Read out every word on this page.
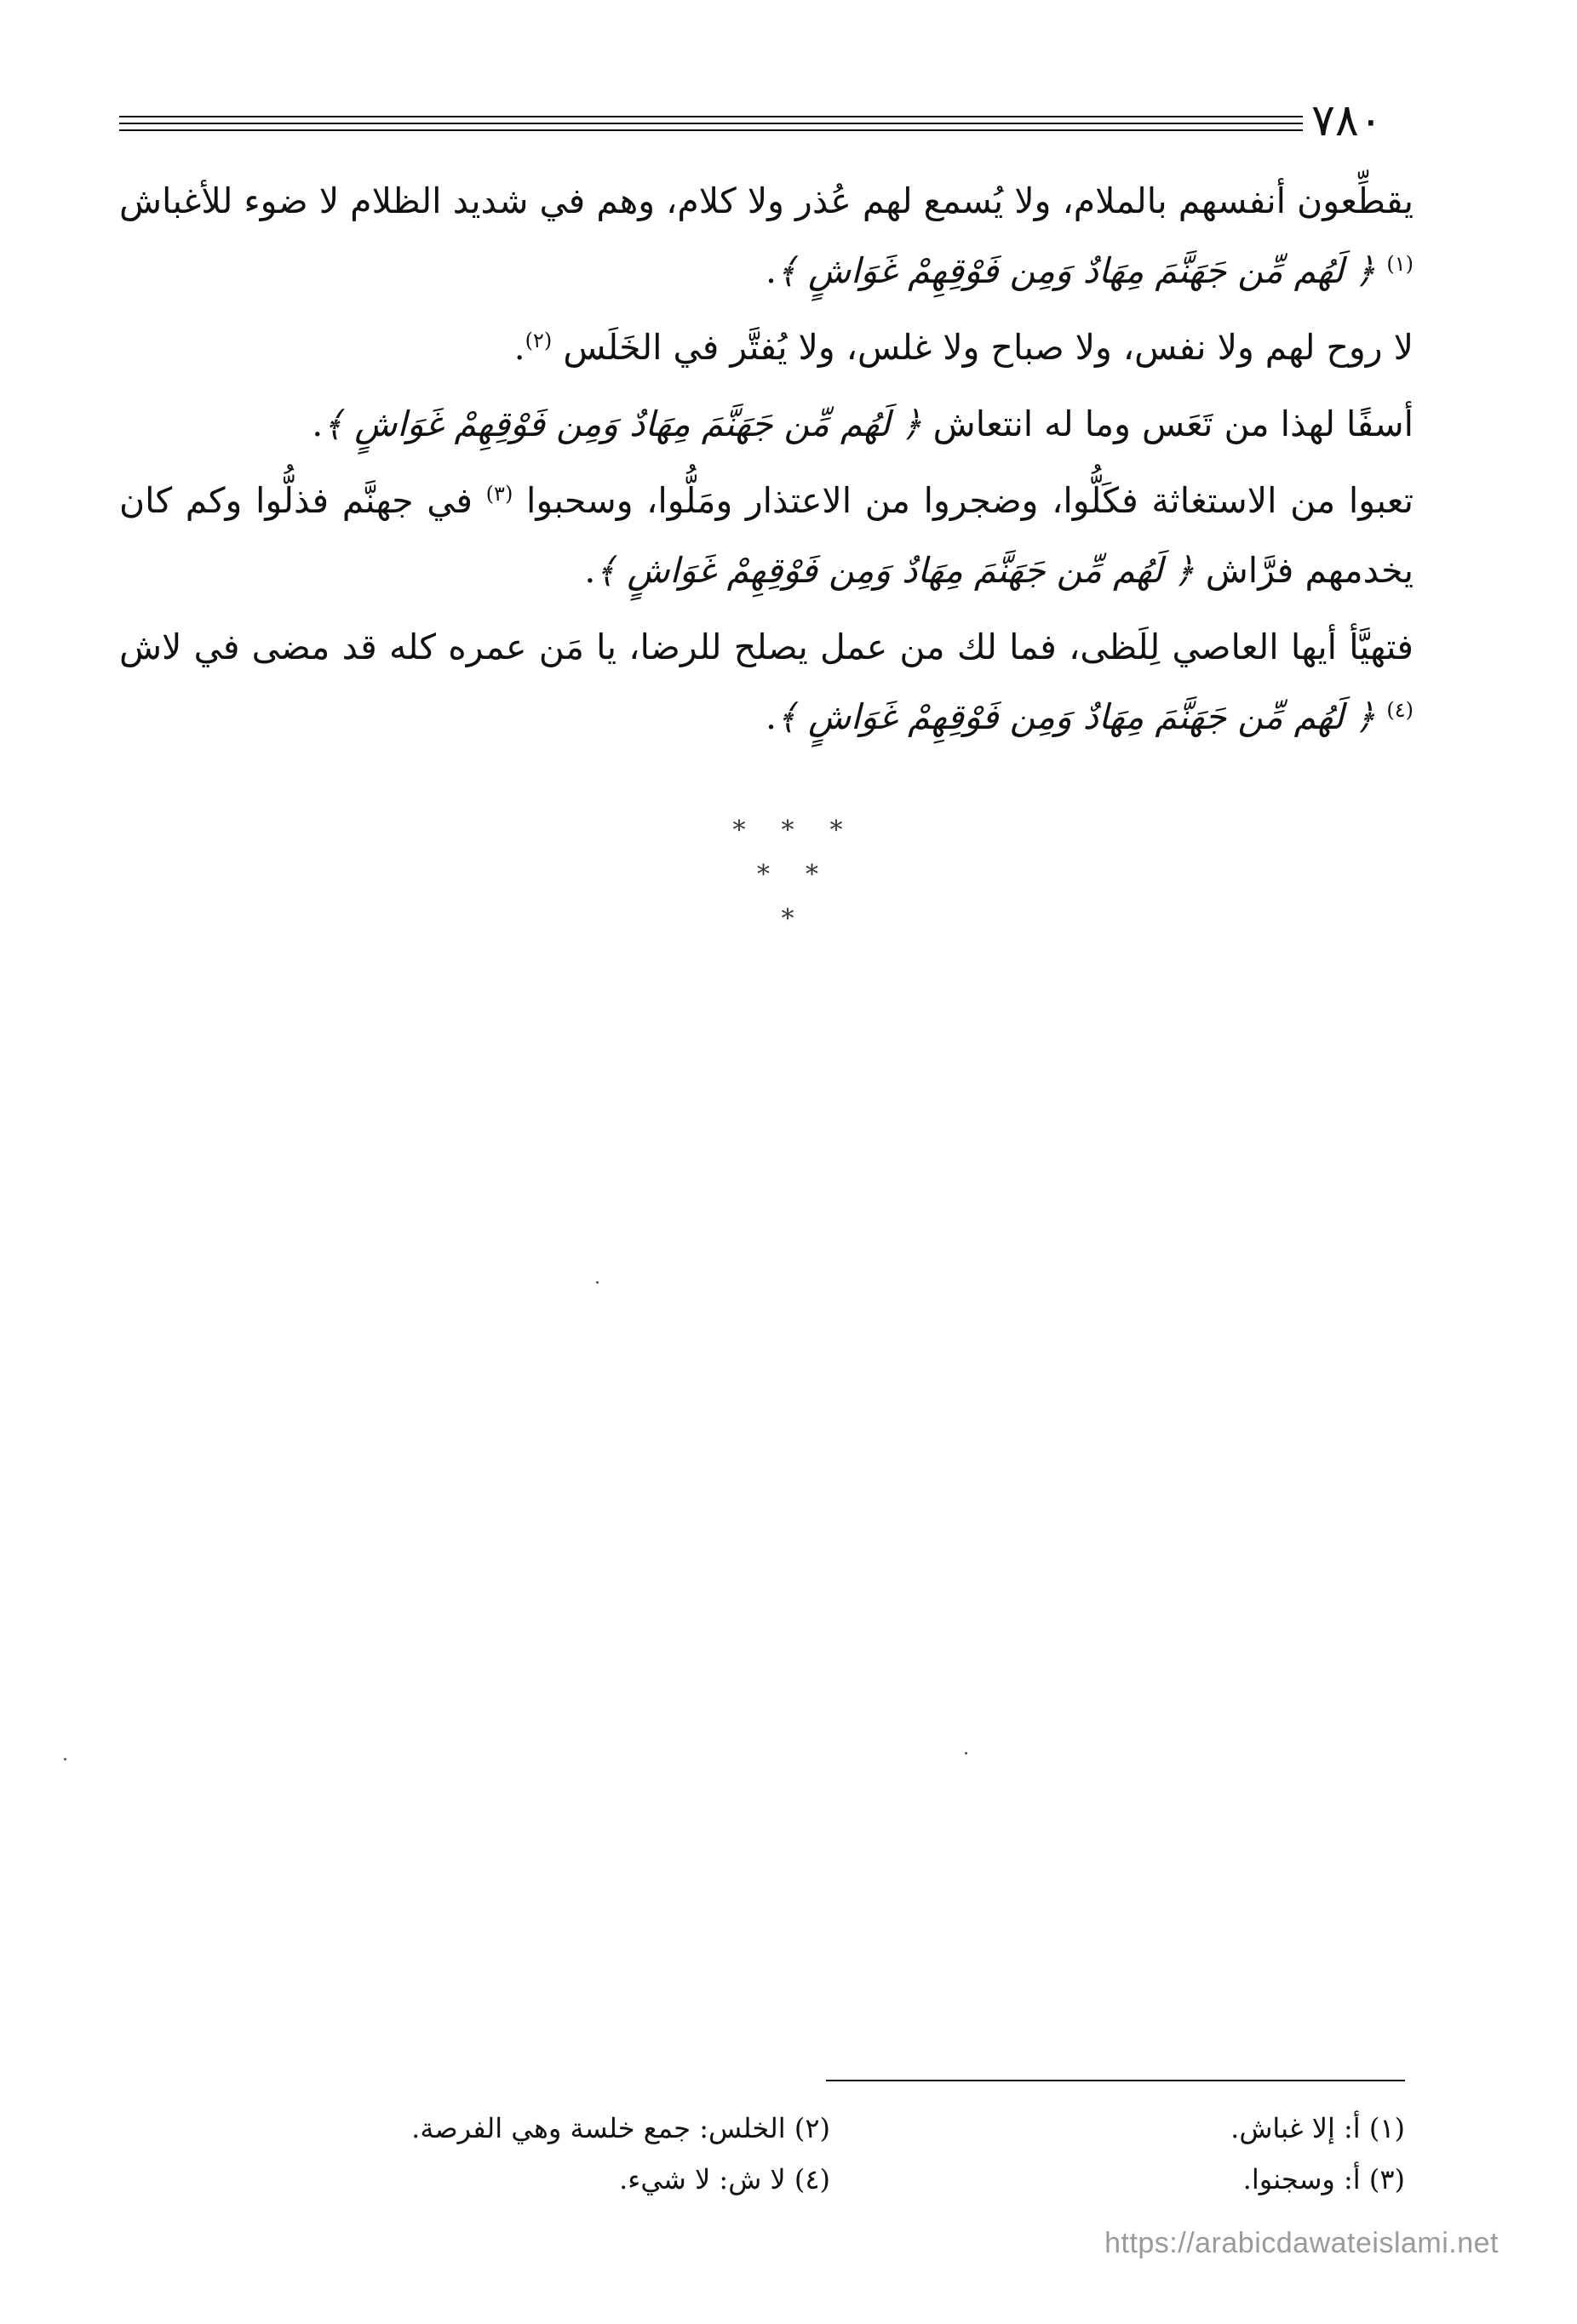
٧٨٠

يقطِّعون أنفسهم بالملام، ولا يُسمع لهم عُذر ولا كلام، وهم في شديد الظلام لا ضوء للأغباش $^{(١)}$ ﴿ لَهُم مِّن جَهَنَّمَ مِهَادٌ وَمِن فَوْقِهِمْ غَوَاشٍ ﴾.

لا روح لهم ولا نفس، ولا صباح ولا غلس، ولا يُفتَّر في الخَلَس $^{(٢)}$.

أسفًا لهذا من تَعَس وما له انتعاش ﴿ لَهُم مِّن جَهَنَّمَ مِهَادٌ وَمِن فَوْقِهِمْ غَوَاشٍ ﴾.

تعبوا من الاستغاثة فكَلُّوا، وضجروا من الاعتذار ومَلُّوا، وسحبوا $^{(٣)}$ في جهنَّم فذلُّوا وكم كان يخدمهم فرَّاش ﴿ لَهُم مِّن جَهَنَّمَ مِهَادٌ وَمِن فَوْقِهِمْ غَوَاشٍ ﴾.

فتهيَّأ أيها العاصي لِلَظى، فما لك من عمل يصلح للرضا، يا مَن عمره كله قد مضى في لاش $^{(٤)}$ ﴿ لَهُم مِّن جَهَنَّمَ مِهَادٌ وَمِن فَوْقِهِمْ غَوَاشٍ ﴾.

* * *
* *
*
(١) أ: إلا غباش.
(٢) الخلس: جمع خلسة وهي الفرصة.
(٣) أ: وسجنوا.
(٤) لا ش: لا شيء.
https://arabicdawateislami.net
